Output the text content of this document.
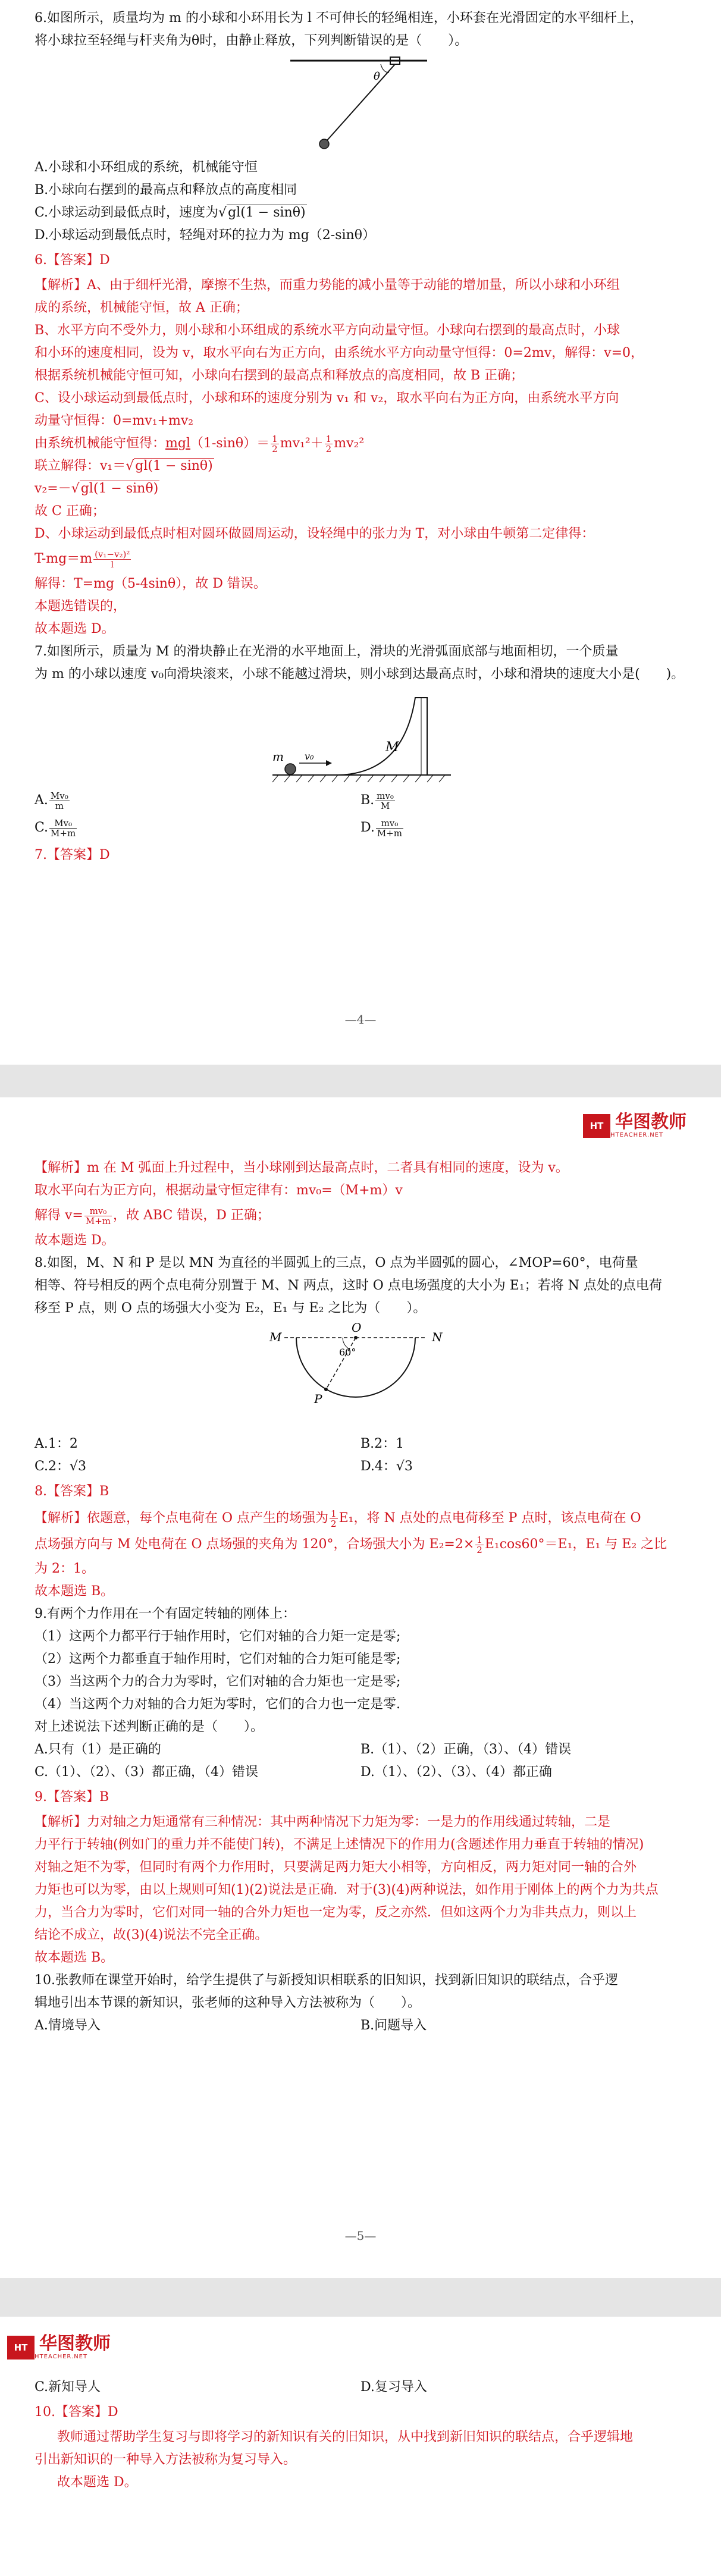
6.如图所示，质量均为 m 的小球和小环用长为 l 不可伸长的轻绳相连，小环套在光滑固定的水平细杆上，

将小球拉至轻绳与杆夹角为θ时，由静止释放，下列判断错误的是（　　）。

θ

A.小球和小环组成的系统，机械能守恒

B.小球向右摆到的最高点和释放点的高度相同

C.小球运动到最低点时，速度为√gl(1 − sinθ)

D.小球运动到最低点时，轻绳对环的拉力为 mg（2-sinθ）

6.【答案】D

【解析】A、由于细杆光滑，摩擦不生热，而重力势能的减小量等于动能的增加量，所以小球和小环组

成的系统，机械能守恒，故 A 正确；

B、水平方向不受外力，则小球和小环组成的系统水平方向动量守恒。小球向右摆到的最高点时，小球

和小环的速度相同，设为 v，取水平向右为正方向，由系统水平方向动量守恒得：0=2mv，解得：v=0，

根据系统机械能守恒可知，小球向右摆到的最高点和释放点的高度相同，故 B 正确；

C、设小球运动到最低点时，小球和环的速度分别为 v₁ 和 v₂，取水平向右为正方向，由系统水平方向

动量守恒得：0=mv₁+mv₂

由系统机械能守恒得：$mgl(1-\sin\theta)= \frac{1}{2} mv_1^2+ \frac{1}{2} mv_2^2$

联立解得：v₁＝√gl(1 − sinθ)

v₂=－√gl(1 − sinθ)

故 C 正确；

D、小球运动到最低点时相对圆环做圆周运动，设轻绳中的张力为 T，对小球由牛顿第二定律得：

$T-mg=m \frac{\text{(v₁−v₂)²}}{l}$

解得：T=mg（5-4sinθ），故 D 错误。

本题选错误的，

故本题选 D。

7.如图所示，质量为 M 的滑块静止在光滑的水平地面上，滑块的光滑弧面底部与地面相切，一个质量

为 m 的小球以速度 v₀向滑块滚来，小球不能越过滑块，则小球到达最高点时，小球和滑块的速度大小是(　　)。

m v₀
M
A. $\frac{\text{Mv₀}}{m}$	B. $\frac{\text{mv₀}}{M}$
C. $\frac{\text{Mv₀}}{M+m}$	D. $\frac{\text{mv₀}}{M+m}$

7.【答案】D

—4—
HT 华图教师
HTEACHER.NET

【解析】m 在 M 弧面上升过程中，当小球刚到达最高点时，二者具有相同的速度，设为 v。

取水平向右为正方向，根据动量守恒定律有：mv₀=（M+m）v

解得 $v= \frac{\text{mv₀}}{M+m}$ ，故 ABC 错误，D 正确；

故本题选 D。

8.如图，M、N 和 P 是以 MN 为直径的半圆弧上的三点，O 点为半圆弧的圆心，∠MOP=60°，电荷量

相等、符号相反的两个点电荷分别置于 M、N 两点，这时 O 点电场强度的大小为 E₁；若将 N 点处的点电荷

移至 P 点，则 O 点的场强大小变为 E₂，E₁ 与 E₂ 之比为（　　）。

M
O
N
P
60°
A.1：2	B.2：1
C.2：√3	D.4：√3

8.【答案】B

【解析】依题意，每个点电荷在 O 点产生的场强为 $\frac{1}{2} E_1$，将 N 点处的点电荷移至 P 点时，该点电荷在 O

点场强方向与 M 处电荷在 O 点场强的夹角为 120°，合场强大小为 $E_2=2\times \frac{1}{2} E_1\cos 60^\circ=E_1$，E₁ 与 E₂ 之比

为 2：1。

故本题选 B。

9.有两个力作用在一个有固定转轴的刚体上：

（1）这两个力都平行于轴作用时，它们对轴的合力矩一定是零;

（2）这两个力都垂直于轴作用时，它们对轴的合力矩可能是零;

（3）当这两个力的合力为零时，它们对轴的合力矩也一定是零;

（4）当这两个力对轴的合力矩为零时，它们的合力也一定是零.

对上述说法下述判断正确的是（　　）。

A.只有（1）是正确的	B.（1）、（2）正确，（3）、（4）错误
C.（1）、（2）、（3）都正确，（4）错误	D.（1）、（2）、（3）、（4）都正确

9.【答案】B

【解析】力对轴之力矩通常有三种情况：其中两种情况下力矩为零：一是力的作用线通过转轴，二是

力平行于转轴(例如门的重力并不能使门转)，不满足上述情况下的作用力(含题述作用力垂直于转轴的情况)

对轴之矩不为零，但同时有两个力作用时，只要满足两力矩大小相等，方向相反，两力矩对同一轴的合外

力矩也可以为零，由以上规则可知(1)(2)说法是正确．对于(3)(4)两种说法，如作用于刚体上的两个力为共点

力，当合力为零时，它们对同一轴的合外力矩也一定为零，反之亦然．但如这两个力为非共点力，则以上

结论不成立，故(3)(4)说法不完全正确。

故本题选 B。

10.张教师在课堂开始时，给学生提供了与新授知识相联系的旧知识，找到新旧知识的联结点，合乎逻

辑地引出本节课的新知识，张老师的这种导入方法被称为（　　）。

A.情境导入	B.问题导入
—5—
HT 华图教师
HTEACHER.NET
C.新知导人	D.复习导入

10.【答案】D

教师通过帮助学生复习与即将学习的新知识有关的旧知识，从中找到新旧知识的联结点，合乎逻辑地

引出新知识的一种导入方法被称为复习导入。

故本题选 D。
